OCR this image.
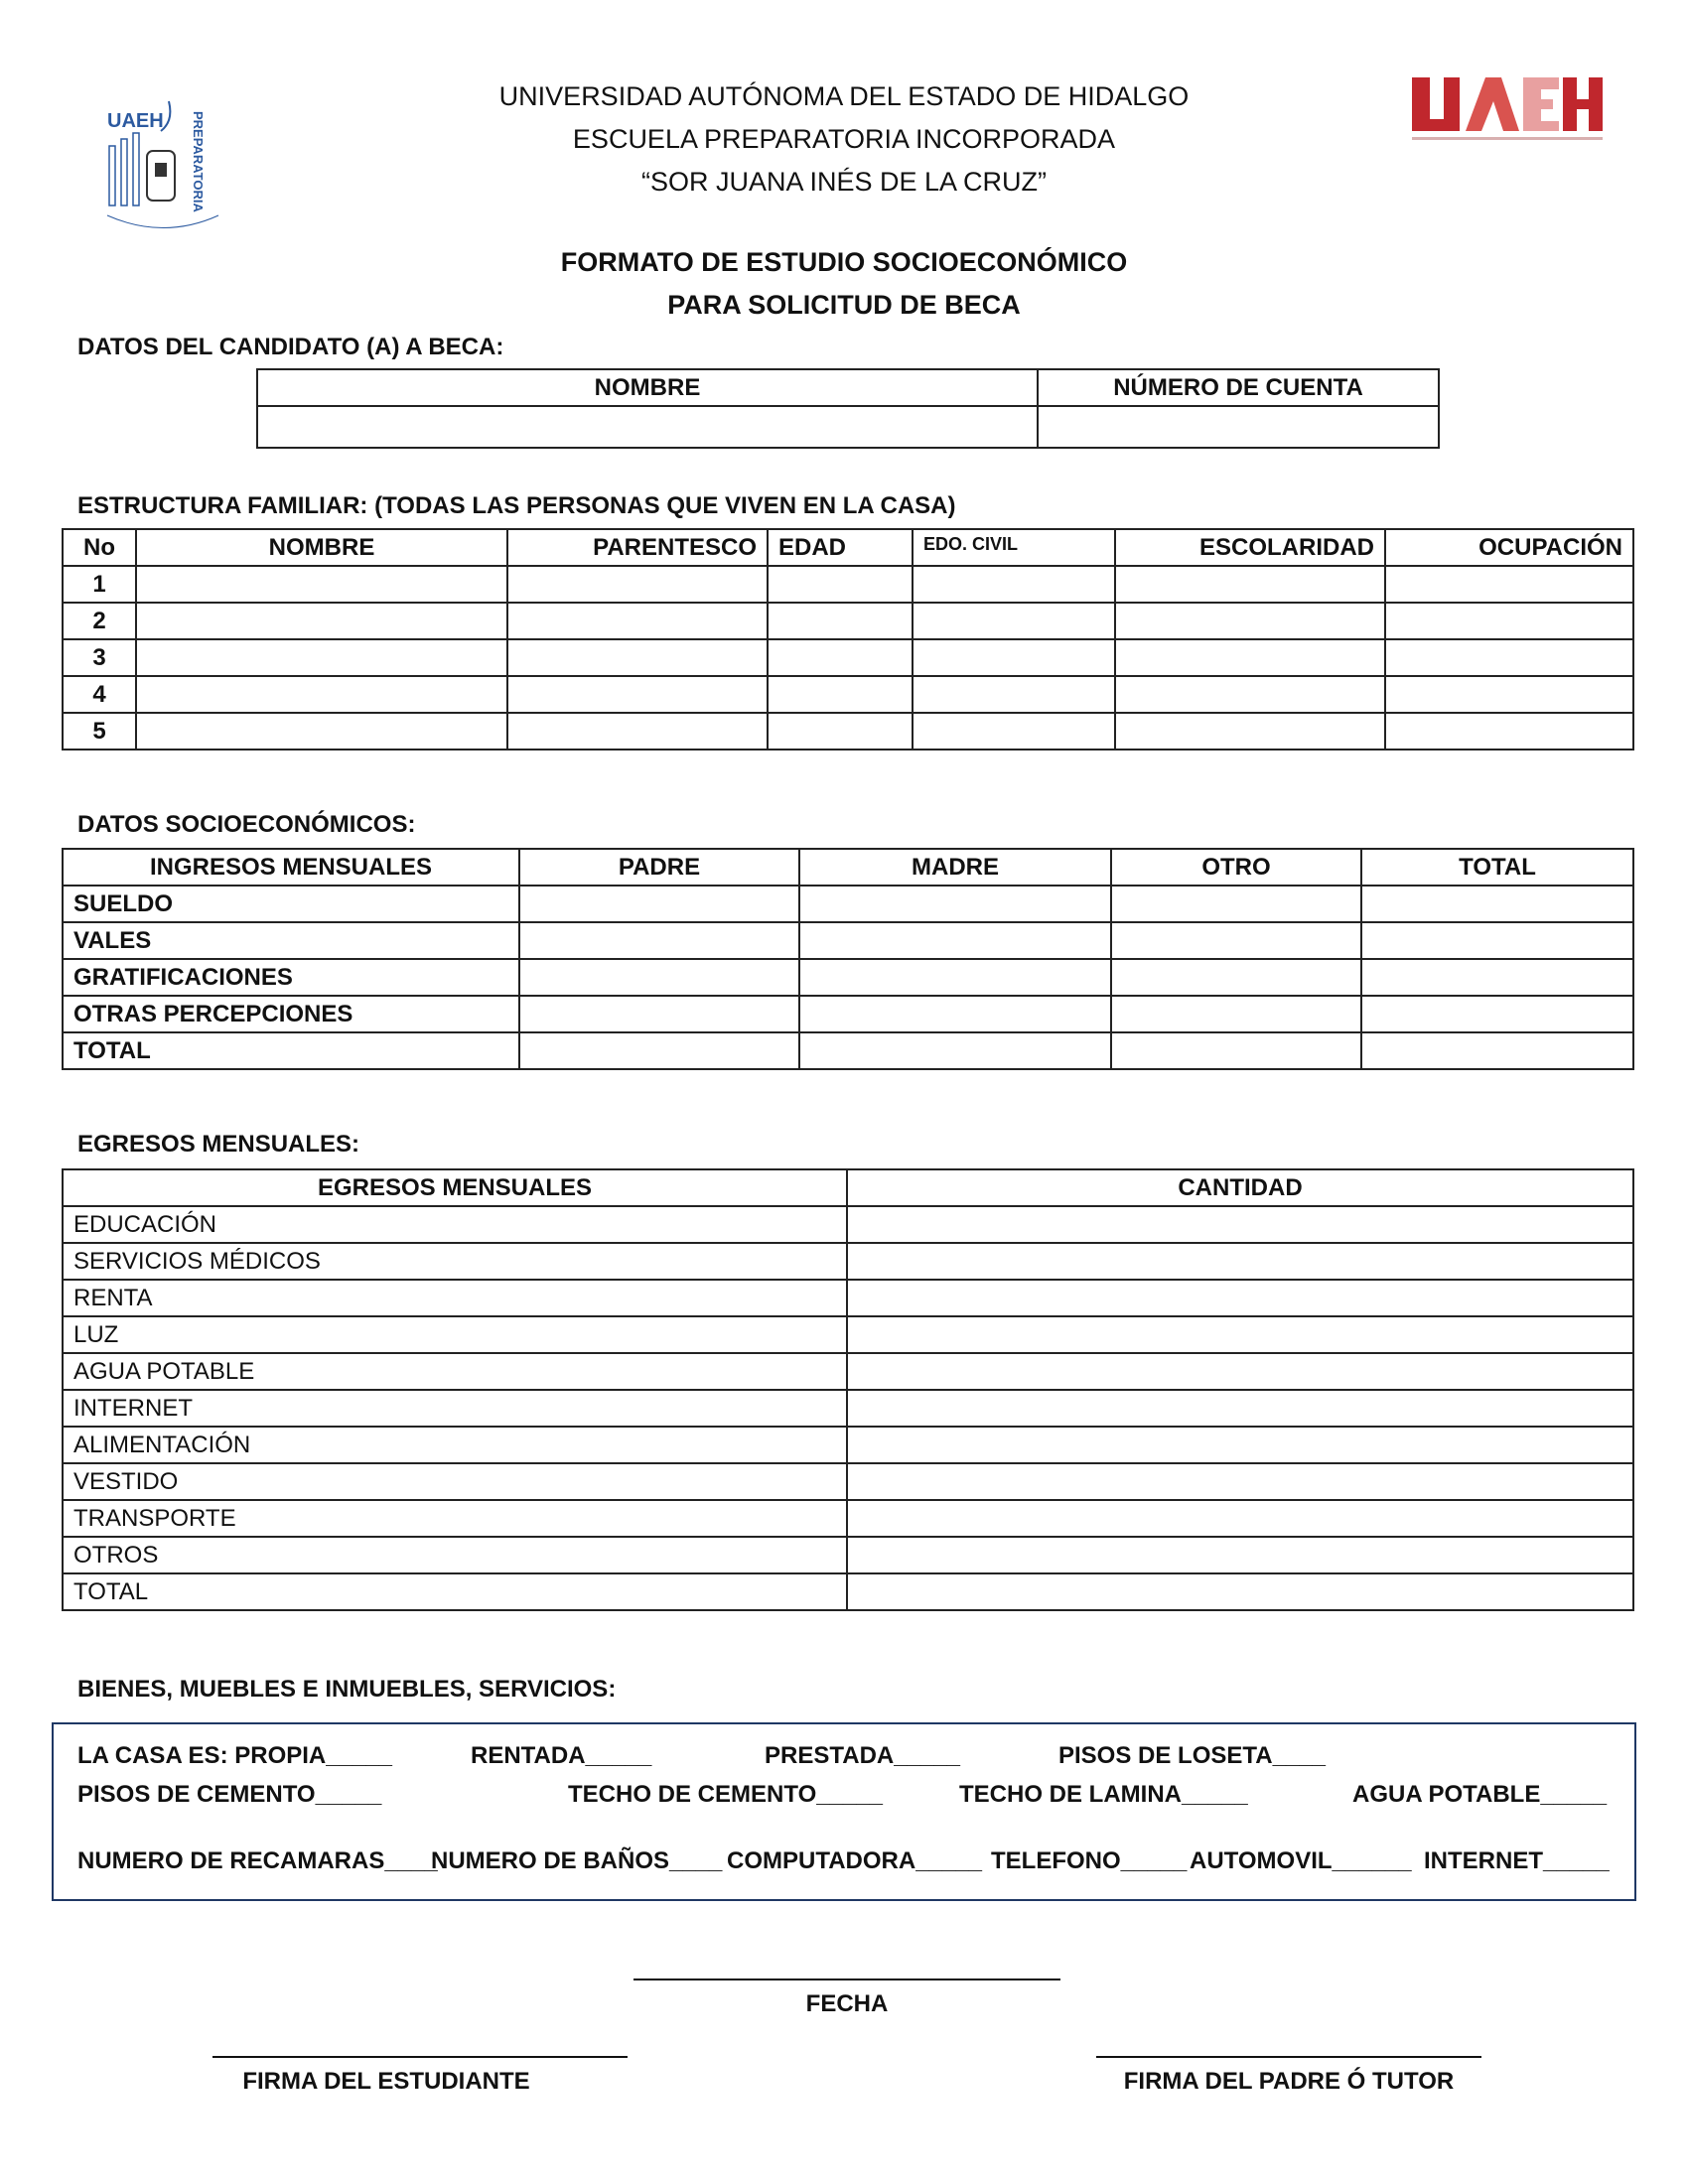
UAEH PREPARATORIA
UNIVERSIDAD AUTÓNOMA DEL ESTADO DE HIDALGO
ESCUELA PREPARATORIA INCORPORADA
“SOR JUANA INÉS DE LA CRUZ”
FORMATO DE ESTUDIO SOCIOECONÓMICO
PARA SOLICITUD DE BECA
DATOS DEL CANDIDATO (A) A BECA:
NOMBRE	NÚMERO DE CUENTA

ESTRUCTURA FAMILIAR: (TODAS LAS PERSONAS QUE VIVEN EN LA CASA)
No	NOMBRE	PARENTESCO	EDAD	EDO. CIVIL	ESCOLARIDAD	OCUPACIÓN
1						
2						
3						
4						
5						
DATOS SOCIOECONÓMICOS:
INGRESOS MENSUALES	PADRE	MADRE	OTRO	TOTAL
SUELDO				
VALES				
GRATIFICACIONES				
OTRAS PERCEPCIONES				
TOTAL				
EGRESOS MENSUALES:
EGRESOS MENSUALES	CANTIDAD
EDUCACIÓN	
SERVICIOS MÉDICOS	
RENTA	
LUZ	
AGUA POTABLE	
INTERNET	
ALIMENTACIÓN	
VESTIDO	
TRANSPORTE	
OTROS	
TOTAL	
BIENES, MUEBLES E INMUEBLES, SERVICIOS:
LA CASA ES: PROPIA_____	RENTADA_____	PRESTADA_____	PISOS DE LOSETA____
PISOS DE CEMENTO_____	TECHO DE CEMENTO_____	TECHO DE LAMINA_____	AGUA POTABLE_____
NUMERO DE RECAMARAS____
NUMERO DE BAÑOS____ COMPUTADORA_____ TELEFONO_____ AUTOMOVIL______ INTERNET_____
FECHA
FIRMA DEL ESTUDIANTE	FIRMA DEL PADRE Ó TUTOR
